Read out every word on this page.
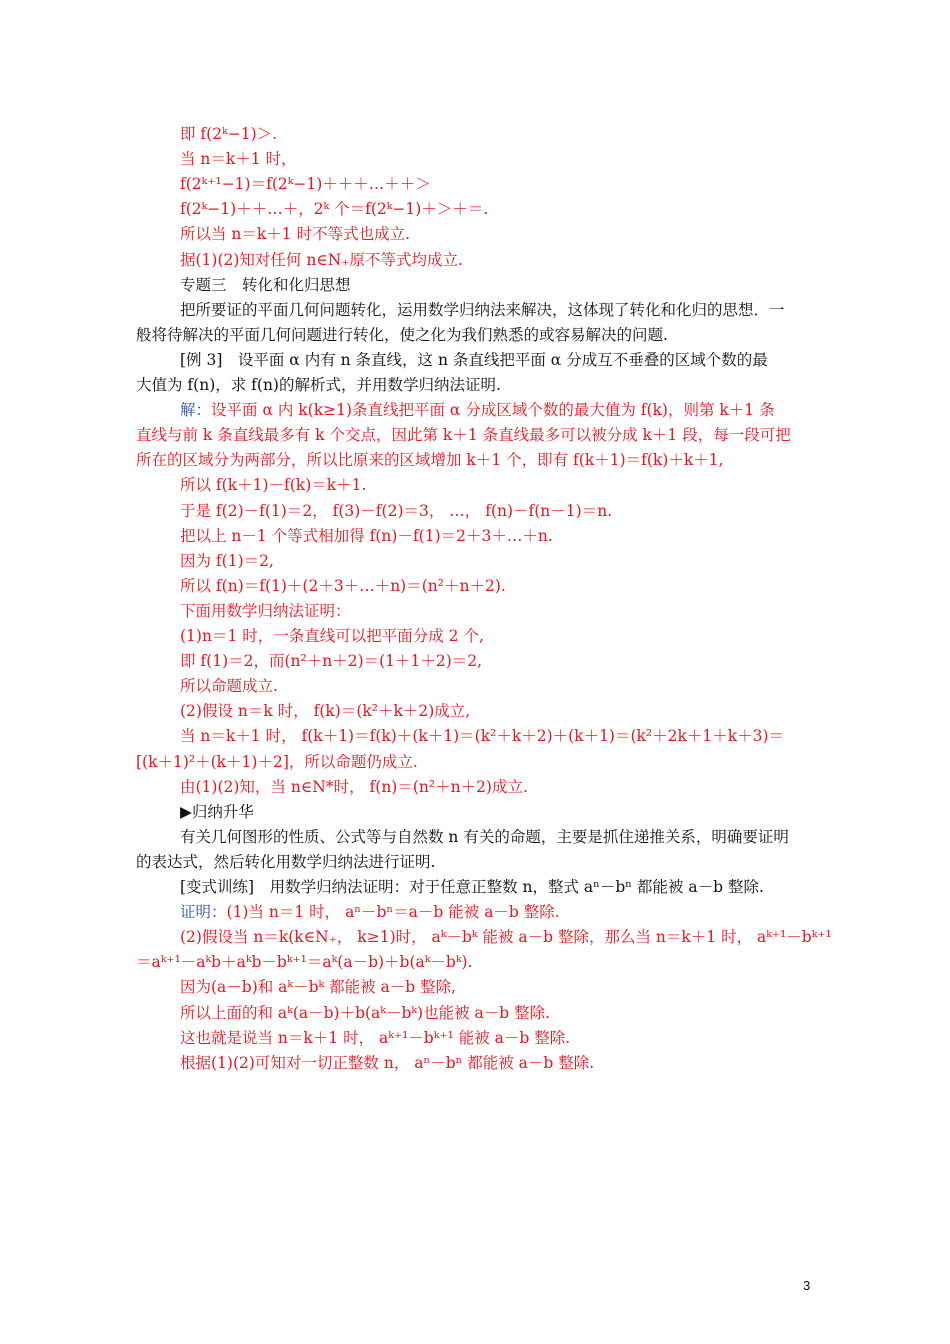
即 f(2ᵏ−1)＞.
当 n＝k＋1 时，
f(2ᵏ⁺¹−1)＝f(2ᵏ−1)＋＋＋…＋＋＞
f(2ᵏ−1)＋＋…＋，2ᵏ 个＝f(2ᵏ−1)＋＞＋＝.
所以当 n＝k＋1 时不等式也成立.
据(1)(2)知对任何 n∈N₊原不等式均成立.
专题三　转化和化归思想
把所要证的平面几何问题转化，运用数学归纳法来解决，这体现了转化和化归的思想．一
般将待解决的平面几何问题进行转化，使之化为我们熟悉的或容易解决的问题.
[例 3]　设平面 α 内有 n 条直线，这 n 条直线把平面 α 分成互不垂叠的区域个数的最
大值为 f(n)，求 f(n)的解析式，并用数学归纳法证明.
解：设平面 α 内 k(k≥1)条直线把平面 α 分成区域个数的最大值为 f(k)，则第 k＋1 条
直线与前 k 条直线最多有 k 个交点，因此第 k＋1 条直线最多可以被分成 k＋1 段，每一段可把
所在的区域分为两部分，所以比原来的区域增加 k＋1 个，即有 f(k＋1)＝f(k)＋k＋1,
所以 f(k＋1)－f(k)＝k＋1.
于是 f(2)－f(1)＝2， f(3)－f(2)＝3， …， f(n)－f(n－1)＝n.
把以上 n－1 个等式相加得 f(n)－f(1)＝2＋3＋…＋n.
因为 f(1)＝2,
所以 f(n)＝f(1)＋(2＋3＋…＋n)＝(n²＋n＋2).
下面用数学归纳法证明：
(1)n＝1 时，一条直线可以把平面分成 2 个,
即 f(1)＝2，而(n²＋n＋2)＝(1＋1＋2)＝2,
所以命题成立.
(2)假设 n＝k 时， f(k)＝(k²＋k＋2)成立,
当 n＝k＋1 时， f(k＋1)＝f(k)＋(k＋1)＝(k²＋k＋2)＋(k＋1)＝(k²＋2k＋1＋k＋3)＝
[(k＋1)²＋(k＋1)＋2]，所以命题仍成立.
由(1)(2)知，当 n∈N*时， f(n)＝(n²＋n＋2)成立.
▶归纳升华
有关几何图形的性质、公式等与自然数 n 有关的命题，主要是抓住递推关系，明确要证明
的表达式，然后转化用数学归纳法进行证明.
[变式训练]　用数学归纳法证明：对于任意正整数 n，整式 aⁿ－bⁿ 都能被 a－b 整除.
证明：(1)当 n＝1 时， aⁿ－bⁿ＝a－b 能被 a－b 整除.
(2)假设当 n＝k(k∈N₊， k≥1)时， aᵏ－bᵏ 能被 a－b 整除，那么当 n＝k＋1 时， aᵏ⁺¹－bᵏ⁺¹
＝aᵏ⁺¹－aᵏb＋aᵏb－bᵏ⁺¹＝aᵏ(a－b)＋b(aᵏ－bᵏ).
因为(a－b)和 aᵏ－bᵏ 都能被 a－b 整除,
所以上面的和 aᵏ(a－b)＋b(aᵏ－bᵏ)也能被 a－b 整除.
这也就是说当 n＝k＋1 时， aᵏ⁺¹－bᵏ⁺¹ 能被 a－b 整除.
根据(1)(2)可知对一切正整数 n， aⁿ－bⁿ 都能被 a－b 整除.
3
